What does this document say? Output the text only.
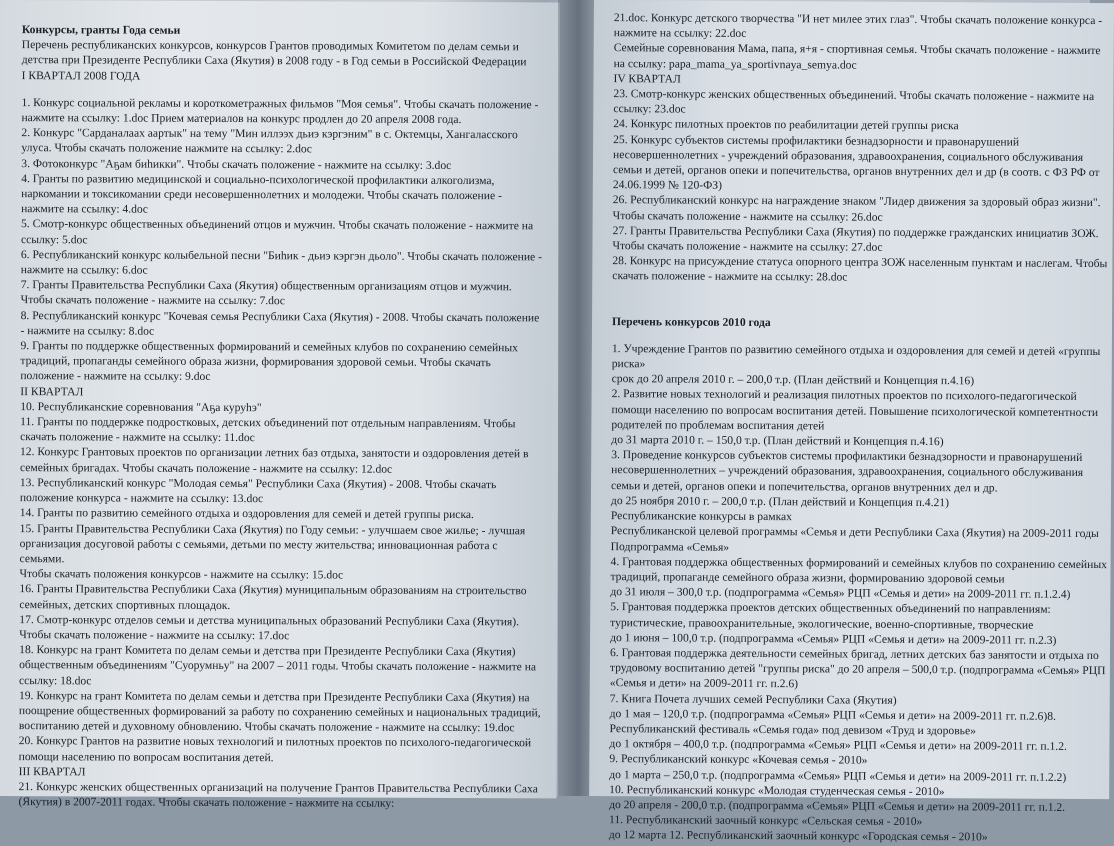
Конкурсы, гранты Года семьи

Перечень республиканских конкурсов, конкурсов Грантов проводимых Комитетом по делам семьи и детства при Президенте Республики Саха (Якутия) в 2008 году - в Год семьи в Российской Федерации

I КВАРТАЛ 2008 ГОДА

1. Конкурс социальной рекламы и короткометражных фильмов "Моя семья". Чтобы скачать положение - нажмите на ссылку: 1.doc Прием материалов на конкурс продлен до 20 апреля 2008 года.

2. Конкурс "Сарданалаах аартык" на тему "Мин иллээх дьиэ кэргэним" в с. Октемцы, Хангаласского улуса. Чтобы скачать положение нажмите на ссылку: 2.doc

3. Фотоконкурс "Аҕам биһикки". Чтобы скачать положение - нажмите на ссылку: 3.doc

4. Гранты по развитию медицинской и социально-психологической профилактики алкоголизма, наркомании и токсикомании среди несовершеннолетних и молодежи. Чтобы скачать положение - нажмите на ссылку: 4.doc

5. Смотр-конкурс общественных объединений отцов и мужчин. Чтобы скачать положение - нажмите на ссылку: 5.doc

6. Республиканский конкурс колыбельной песни "Биһик - дьиэ кэргэн дьоло". Чтобы скачать положение - нажмите на ссылку: 6.doc

7. Гранты Правительства Республики Саха (Якутия) общественным организациям отцов и мужчин. Чтобы скачать положение - нажмите на ссылку: 7.doc

8. Республиканский конкурс "Кочевая семья Республики Саха (Якутия) - 2008. Чтобы скачать положение - нажмите на ссылку: 8.doc

9. Гранты по поддержке общественных формирований и семейных клубов по сохранению семейных традиций, пропаганды семейного образа жизни, формирования здоровой семьи. Чтобы скачать положение - нажмите на ссылку: 9.doc

II КВАРТАЛ

10. Республиканские соревнования "Аҕа куруһэ"

11. Гранты по поддержке подростковых, детских объединений пот отдельным направлениям. Чтобы скачать положение - нажмите на ссылку: 11.doc

12. Конкурс Грантовых проектов по организации летних баз отдыха, занятости и оздоровления детей в семейных бригадах. Чтобы скачать положение - нажмите на ссылку: 12.doc

13. Республиканский конкурс "Молодая семья" Республики Саха (Якутия) - 2008. Чтобы скачать положение конкурса - нажмите на ссылку: 13.doc

14. Гранты по развитию семейного отдыха и оздоровления для семей и детей группы риска.

15. Гранты Правительства Республики Саха (Якутия) по Году семьи: - улучшаем свое жилье; - лучшая организация досуговой работы с семьями, детьми по месту жительства; инновационная работа с семьями.

Чтобы скачать положения конкурсов - нажмите на ссылку: 15.doc

16. Гранты Правительства Республики Саха (Якутия) муниципальным образованиям на строительство семейных, детских спортивных площадок.

17. Смотр-конкурс отделов семьи и детства муниципальных образований Республики Саха (Якутия). Чтобы скачать положение - нажмите на ссылку: 17.doc

18. Конкурс на грант Комитета по делам семьи и детства при Президенте Республики Саха (Якутия) общественным объединениям "Суорумньу" на 2007 – 2011 годы. Чтобы скачать положение - нажмите на ссылку: 18.doc

19. Конкурс на грант Комитета по делам семьи и детства при Президенте Республики Саха (Якутия) на поощрение общественных формирований за работу по сохранению семейных и национальных традиций, воспитанию детей и духовному обновлению. Чтобы скачать положение - нажмите на ссылку: 19.doc

20. Конкурс Грантов на развитие новых технологий и пилотных проектов по психолого-педагогической помощи населению по вопросам воспитания детей.

III КВАРТАЛ

21. Конкурс женских общественных организаций на получение Грантов Правительства Республики Саха (Якутия) в 2007-2011 годах. Чтобы скачать положение - нажмите на ссылку:

21.doc. Конкурс детского творчества "И нет милее этих глаз". Чтобы скачать положение конкурса - нажмите на ссылку: 22.doc

Семейные соревнования Мама, папа, я+я - спортивная семья. Чтобы скачать положение - нажмите на ссылку: papa_mama_ya_sportivnaya_semya.doc

IV КВАРТАЛ

23. Смотр-конкурс женских общественных объединений. Чтобы скачать положение - нажмите на ссылку: 23.doc

24. Конкурс пилотных проектов по реабилитации детей группы риска

25. Конкурс субъектов системы профилактики безнадзорности и правонарушений несовершеннолетних - учреждений образования, здравоохранения, социального обслуживания семьи и детей, органов опеки и попечительства, органов внутренних дел и др (в соотв. с ФЗ РФ от 24.06.1999 № 120-ФЗ)

26. Республиканский конкурс на награждение знаком "Лидер движения за здоровый образ жизни". Чтобы скачать положение - нажмите на ссылку: 26.doc

27. Гранты Правительства Республики Саха (Якутия) по поддержке гражданских инициатив ЗОЖ. Чтобы скачать положение - нажмите на ссылку: 27.doc

28. Конкурс на присуждение статуса опорного центра ЗОЖ населенным пунктам и наслегам. Чтобы скачать положение - нажмите на ссылку: 28.doc

Перечень конкурсов 2010 года

1. Учреждение Грантов по развитию семейного отдыха и оздоровления для семей и детей «группы риска»

срок до 20 апреля 2010 г. – 200,0 т.р. (План действий и Концепция п.4.16)

2. Развитие новых технологий и реализация пилотных проектов по психолого-педагогической помощи населению по вопросам воспитания детей. Повышение психологической компетентности родителей по проблемам воспитания детей

до 31 марта 2010 г. – 150,0 т.р. (План действий и Концепция п.4.16)

3. Проведение конкурсов субъектов системы профилактики безнадзорности и правонарушений несовершеннолетних – учреждений образования, здравоохранения, социального обслуживания семьи и детей, органов опеки и попечительства, органов внутренних дел и др.

до 25 ноября 2010 г. – 200,0 т.р. (План действий и Концепция п.4.21)

Республиканские конкурсы в рамках

Республиканской целевой программы «Семья и дети Республики Саха (Якутия) на 2009-2011 годы

Подпрограмма «Семья»

4. Грантовая поддержка общественных формирований и семейных клубов по сохранению семейных традиций, пропаганде семейного образа жизни, формированию здоровой семьи

до 31 июля – 300,0 т.р. (подпрограмма «Семья» РЦП «Семья и дети» на 2009-2011 гг. п.1.2.4)

5. Грантовая поддержка проектов детских общественных объединений по направлениям: туристические, правоохранительные, экологические, военно-спортивные, творческие

до 1 июня – 100,0 т.р. (подпрограмма «Семья» РЦП «Семья и дети» на 2009-2011 гг. п.2.3)

6. Грантовая поддержка деятельности семейных бригад, летних детских баз занятости и отдыха по трудовому воспитанию детей "группы риска" до 20 апреля – 500,0 т.р. (подпрограмма «Семья» РЦП «Семья и дети» на 2009-2011 гг. п.2.6)

7. Книга Почета лучших семей Республики Саха (Якутия)

до 1 мая – 120,0 т.р. (подпрограмма «Семья» РЦП «Семья и дети» на 2009-2011 гг. п.2.6)8. Республиканский фестиваль «Семья года» под девизом «Труд и здоровье»

до 1 октября – 400,0 т.р. (подпрограмма «Семья» РЦП «Семья и дети» на 2009-2011 гг. п.1.2.

9. Республиканский конкурс «Кочевая семья - 2010»

до 1 марта – 250,0 т.р. (подпрограмма «Семья» РЦП «Семья и дети» на 2009-2011 гг. п.1.2.2)

10. Республиканский конкурс «Молодая студенческая семья - 2010»

до 20 апреля - 200,0 т.р. (подпрограмма «Семья» РЦП «Семья и дети» на 2009-2011 гг. п.1.2.

11. Республиканский заочный конкурс «Сельская семья - 2010»

до 12 марта 12. Республиканский заочный конкурс «Городская семья - 2010»
